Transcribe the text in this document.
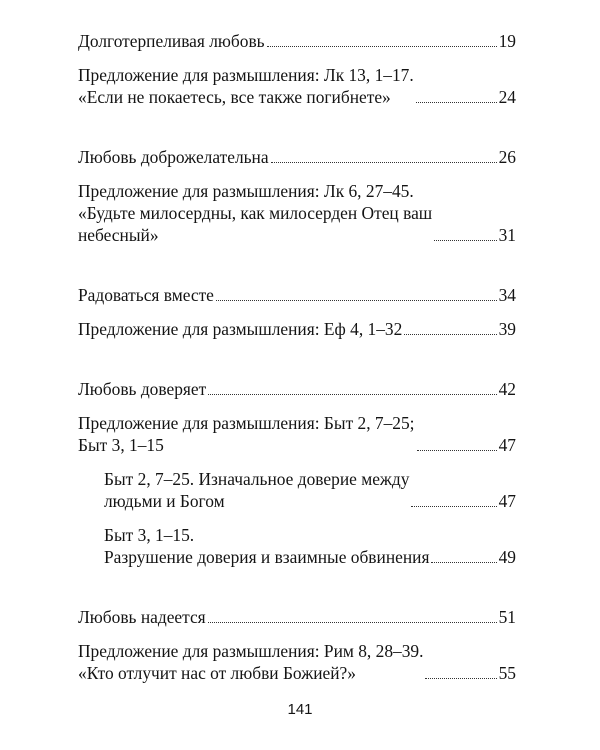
Долготерпеливая любовь	19
Предложение для размышления: Лк 13, 1–17.
«Если не покаетесь, все также погибнете»	24
Любовь доброжелательна	26
Предложение для размышления: Лк 6, 27–45.
«Будьте милосердны, как милосерден Отец ваш
небесный»	31
Радоваться вместе	34
Предложение для размышления: Еф 4, 1–32	39
Любовь доверяет	42
Предложение для размышления: Быт 2, 7–25;
Быт 3, 1–15	47
Быт 2, 7–25. Изначальное доверие между
людьми и Богом	47
Быт 3, 1–15.
Разрушение доверия и взаимные обвинения	49
Любовь надеется	51
Предложение для размышления: Рим 8, 28–39.
«Кто отлучит нас от любви Божией?»	55
141
